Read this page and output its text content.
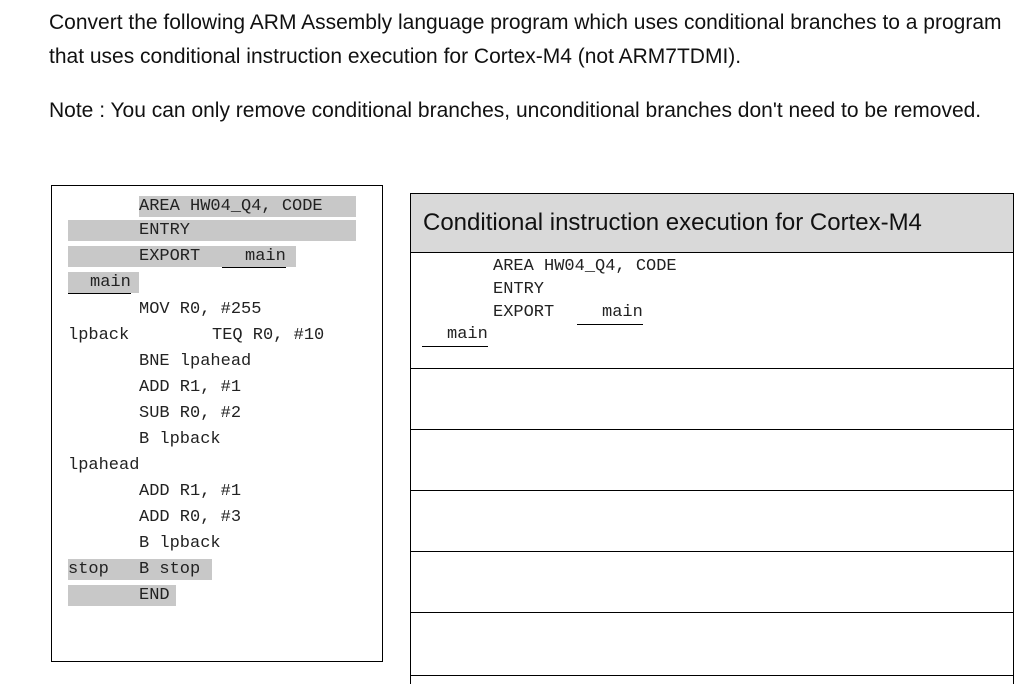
Convert the following ARM Assembly language program which uses conditional branches to a program that uses conditional instruction execution for Cortex-M4 (not ARM7TDMI).

Note : You can only remove conditional branches, unconditional branches don't need to be removed.

AREA HW04_Q4, CODE
ENTRY
EXPORT	main
main
MOV R0, #255
lpback	TEQ R0, #10
BNE lpahead
ADD R1, #1
SUB R0, #2
B lpback
lpahead
ADD R1, #1
ADD R0, #3
B lpback
stop B stop
END
Conditional instruction execution for Cortex-M4
AREA HW04_Q4, CODE
ENTRY
EXPORT	main
main
